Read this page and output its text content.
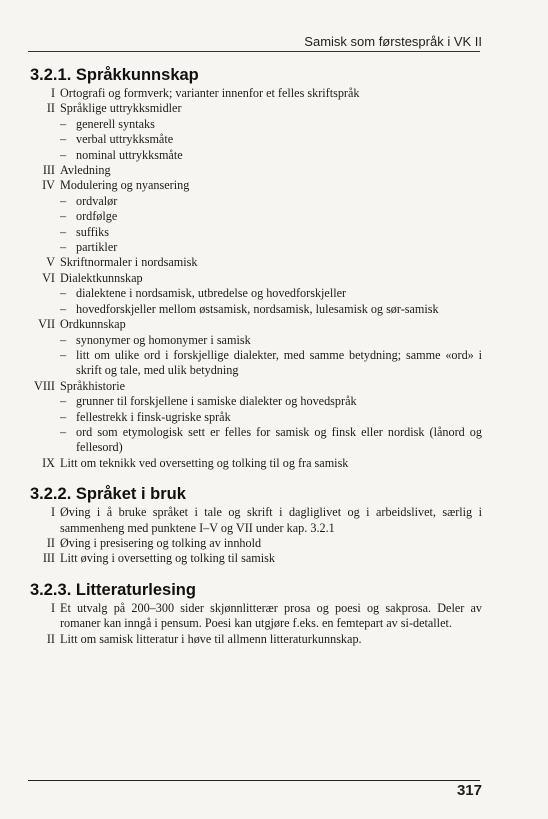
Samisk som førstespråk i VK II
3.2.1. Språkkunnskap
I Ortografi og formverk; varianter innenfor et felles skriftspråk
II Språklige uttrykksmidler
– generell syntaks
– verbal uttrykksmåte
– nominal uttrykksmåte
III Avledning
IV Modulering og nyansering
– ordvalør
– ordfølge
– suffiks
– partikler
V Skriftnormaler i nordsamisk
VI Dialektkunnskap
– dialektene i nordsamisk, utbredelse og hovedforskjeller
– hovedforskjeller mellom østsamisk, nordsamisk, lulesamisk og sør-samisk
VII Ordkunnskap
– synonymer og homonymer i samisk
– litt om ulike ord i forskjellige dialekter, med samme betydning; samme «ord» i skrift og tale, med ulik betydning
VIII Språkhistorie
– grunner til forskjellene i samiske dialekter og hovedspråk
– fellestrekk i finsk-ugriske språk
– ord som etymologisk sett er felles for samisk og finsk eller nordisk (lånord og fellesord)
IX Litt om teknikk ved oversetting og tolking til og fra samisk
3.2.2. Språket i bruk
I Øving i å bruke språket i tale og skrift i dagliglivet og i arbeidslivet, særlig i sammenheng med punktene I–V og VII under kap. 3.2.1
II Øving i presisering og tolking av innhold
III Litt øving i oversetting og tolking til samisk
3.2.3. Litteraturlesing
I Et utvalg på 200–300 sider skjønnlitterær prosa og poesi og sakprosa. Deler av romaner kan inngå i pensum. Poesi kan utgjøre f.eks. en femtepart av si-detallet.
II Litt om samisk litteratur i høve til allmenn litteraturkunnskap.
317
